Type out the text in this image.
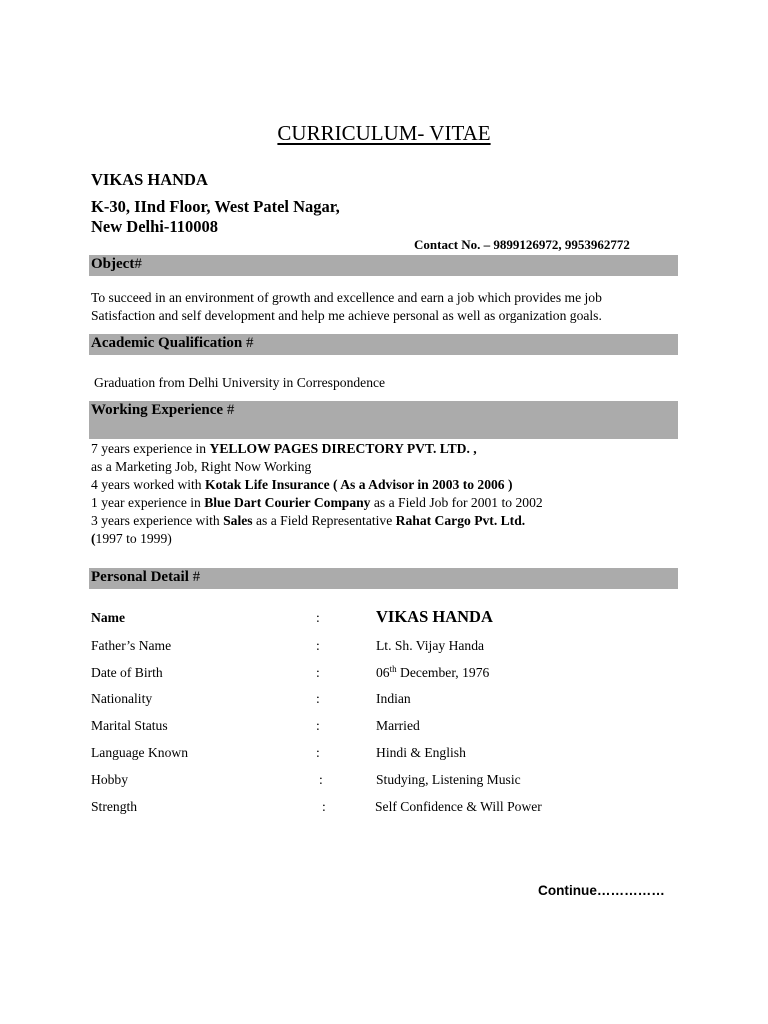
CURRICULUM- VITAE
VIKAS HANDA
K-30, IInd Floor, West Patel Nagar,
New Delhi-110008
Contact No. – 9899126972, 9953962772
Object#
To succeed in an environment of growth and excellence and earn a job which provides me job
Satisfaction and self development and help me achieve personal as well as organization goals.
Academic Qualification #
Graduation from Delhi University in Correspondence
Working Experience #
7 years experience in YELLOW PAGES DIRECTORY PVT. LTD. ,
as a Marketing Job, Right Now Working
4 years worked with Kotak Life Insurance ( As a Advisor in 2003 to 2006 )
1 year experience in Blue Dart Courier Company as a Field Job for 2001 to 2002
3 years experience with Sales as a Field Representative Rahat Cargo Pvt. Ltd.
(1997 to 1999)
Personal Detail #
Name	:	VIKAS HANDA
Father’s Name	:	Lt. Sh. Vijay Handa
Date of Birth	:	06th December, 1976
Nationality	:	Indian
Marital Status	:	Married
Language Known	:	Hindi & English
Hobby	:	Studying, Listening Music
Strength	:	Self Confidence & Will Power
Continue……………
